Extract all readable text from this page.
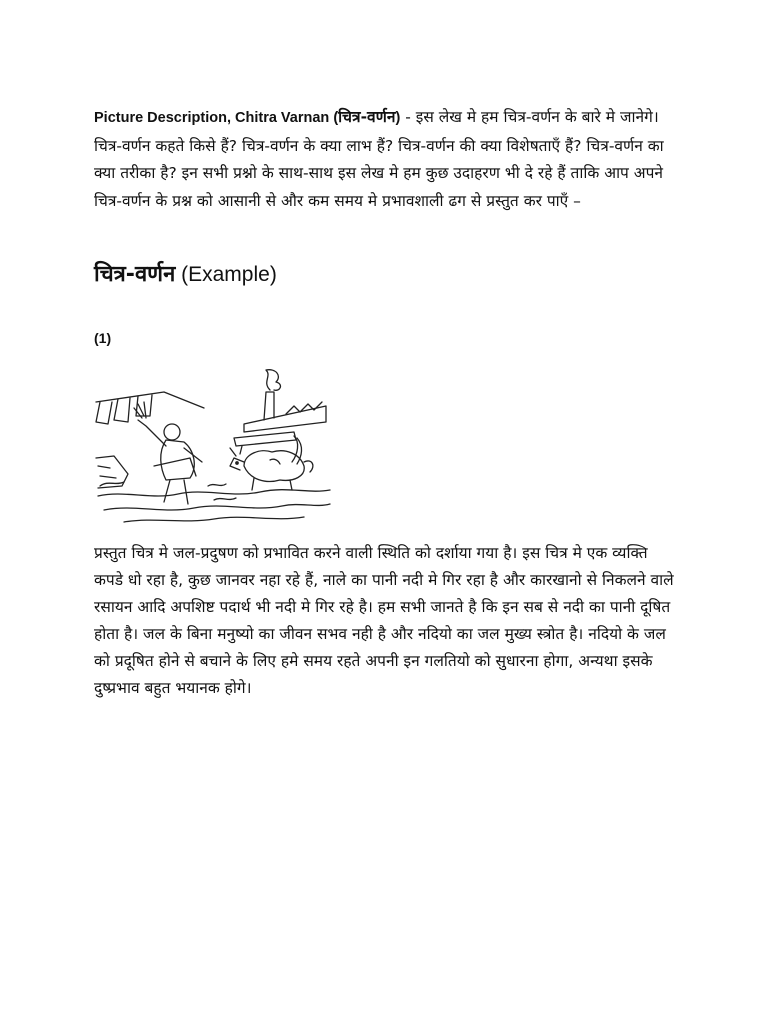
Picture Description, Chitra Varnan (चित्र-वर्णन) - इस लेख मे हम चित्र-वर्णन के बारे मे जानेगे। चित्र-वर्णन कहते किसे हैं? चित्र-वर्णन के क्या लाभ हैं? चित्र-वर्णन की क्या विशेषताएँ हैं? चित्र-वर्णन का क्या तरीका है? इन सभी प्रश्नो के साथ-साथ इस लेख मे हम कुछ उदाहरण भी दे रहे हैं ताकि आप अपने चित्र-वर्णन के प्रश्न को आसानी से और कम समय मे प्रभावशाली ढग से प्रस्तुत कर पाएँ –

चित्र-वर्णन (Example)
(1)

प्रस्तुत चित्र मे जल-प्रदुषण को प्रभावित करने वाली स्थिति को दर्शाया गया है। इस चित्र मे एक व्यक्ति कपडे धो रहा है, कुछ जानवर नहा रहे हैं, नाले का पानी नदी मे गिर रहा है और कारखानो से निकलने वाले रसायन आदि अपशिष्ट पदार्थ भी नदी मे गिर रहे है। हम सभी जानते है कि इन सब से नदी का पानी दूषित होता है। जल के बिना मनुष्यो का जीवन सभव नही है और नदियो का जल मुख्य स्त्रोत है। नदियो के जल को प्रदूषित होने से बचाने के लिए हमे समय रहते अपनी इन गलतियो को सुधारना होगा, अन्यथा इसके दुष्प्रभाव बहुत भयानक होगे।
